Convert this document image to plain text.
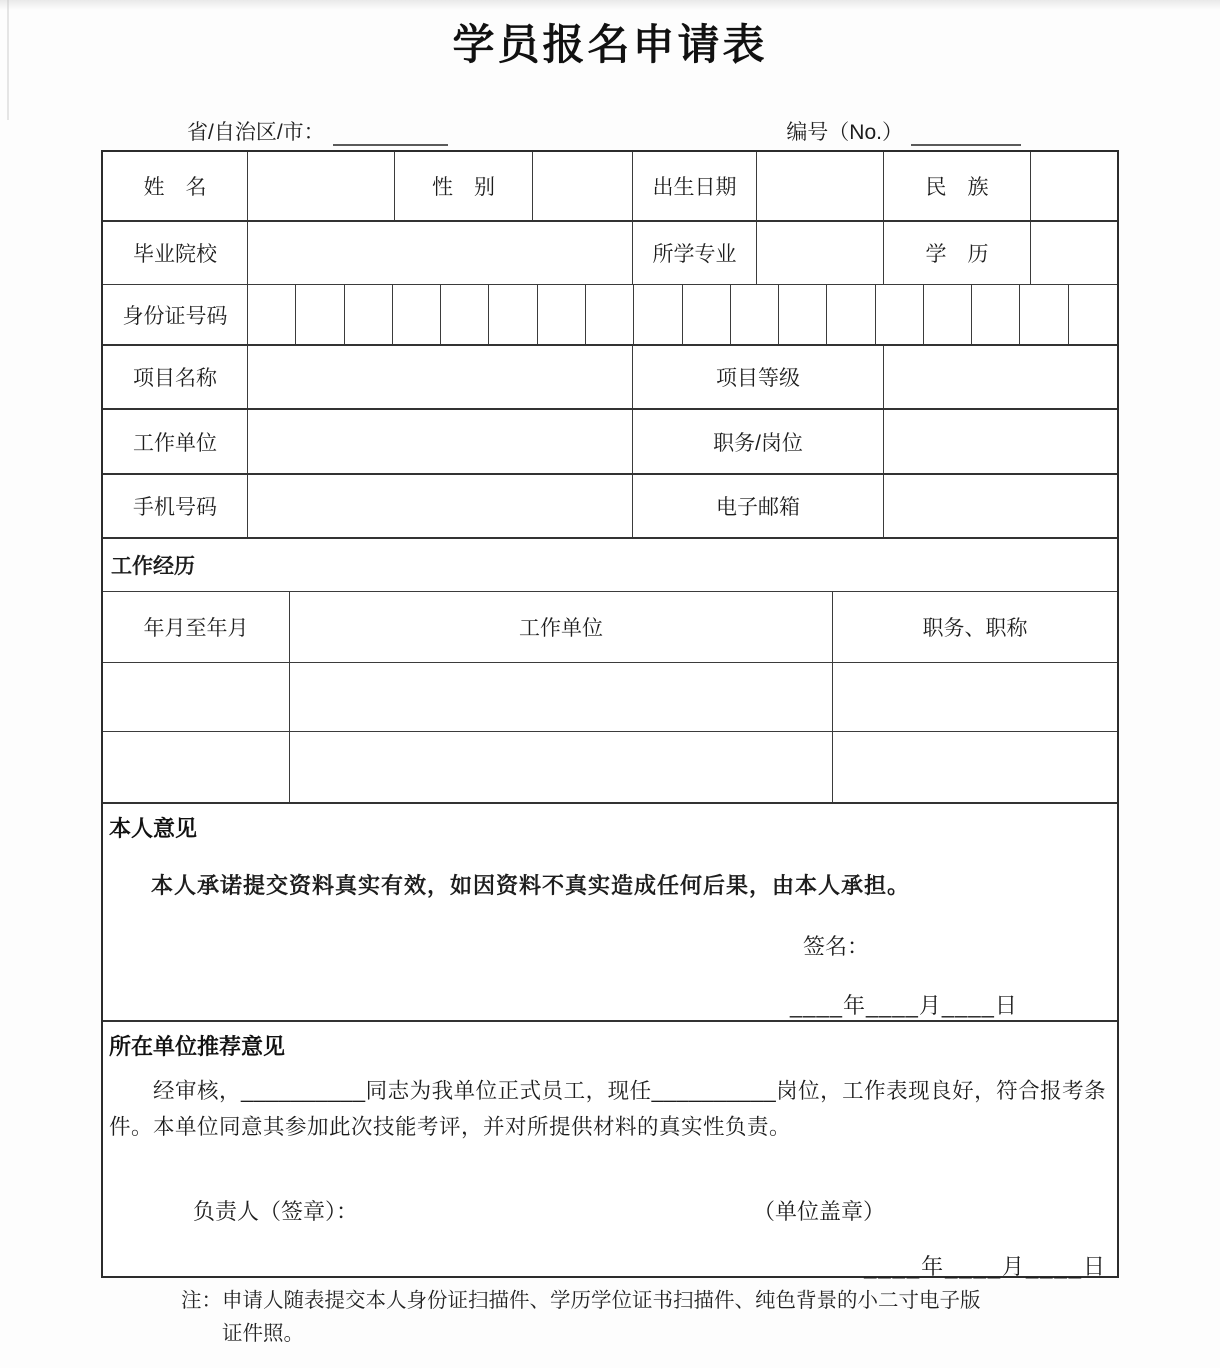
学员报名申请表
省/自治区/市：	编号（No.）
姓　名	性　别	出生日期	民　族
毕业院校	所学专业	学　历
身份证号码
项目名称	项目等级
工作单位	职务/岗位
手机号码	电子邮箱
工作经历
年月至年月	工作单位	职务、职称
本人意见
本人承诺提交资料真实有效，如因资料不真实造成任何后果，由本人承担。
签名：
____年____月____日
所在单位推荐意见
经审核，__________同志为我单位正式员工，现任__________岗位，工作表现良好，符合报考条件。本单位同意其参加此次技能考评，并对所提供材料的真实性负责。
负责人（签章）：	（单位盖章）
____年____月____日
注： 申请人随表提交本人身份证扫描件、学历学位证书扫描件、纯色背景的小二寸电子版
证件照。
